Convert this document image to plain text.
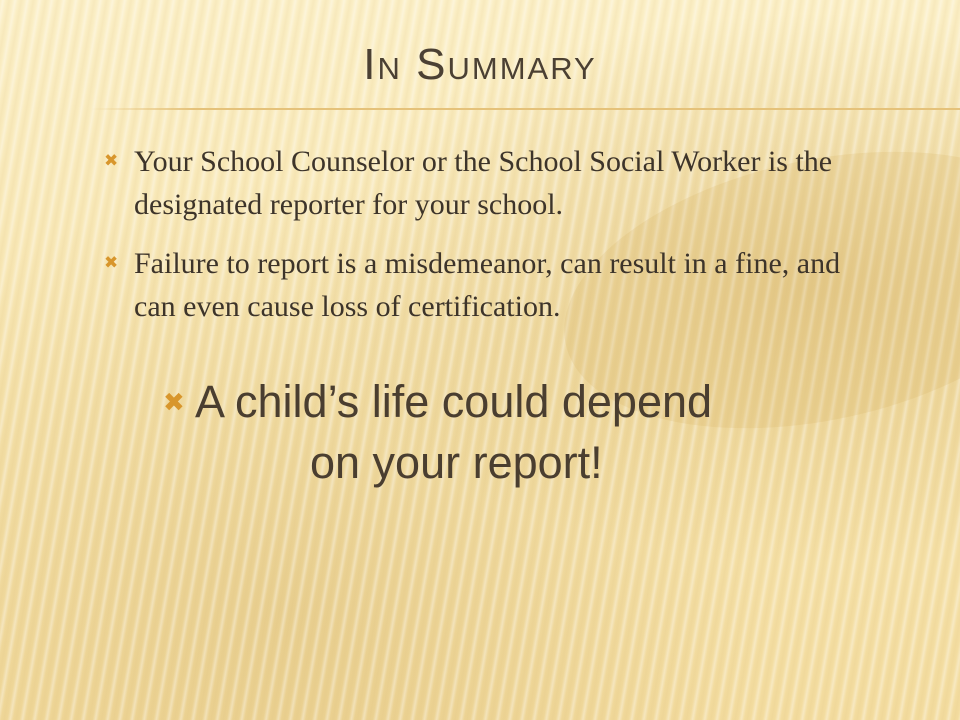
In Summary
✖ Your School Counselor or the School Social Worker is the designated reporter for your school.
✖ Failure to report is a misdemeanor, can result in a fine, and can even cause loss of certification.
✖ A child’s life could depend
on your report!
